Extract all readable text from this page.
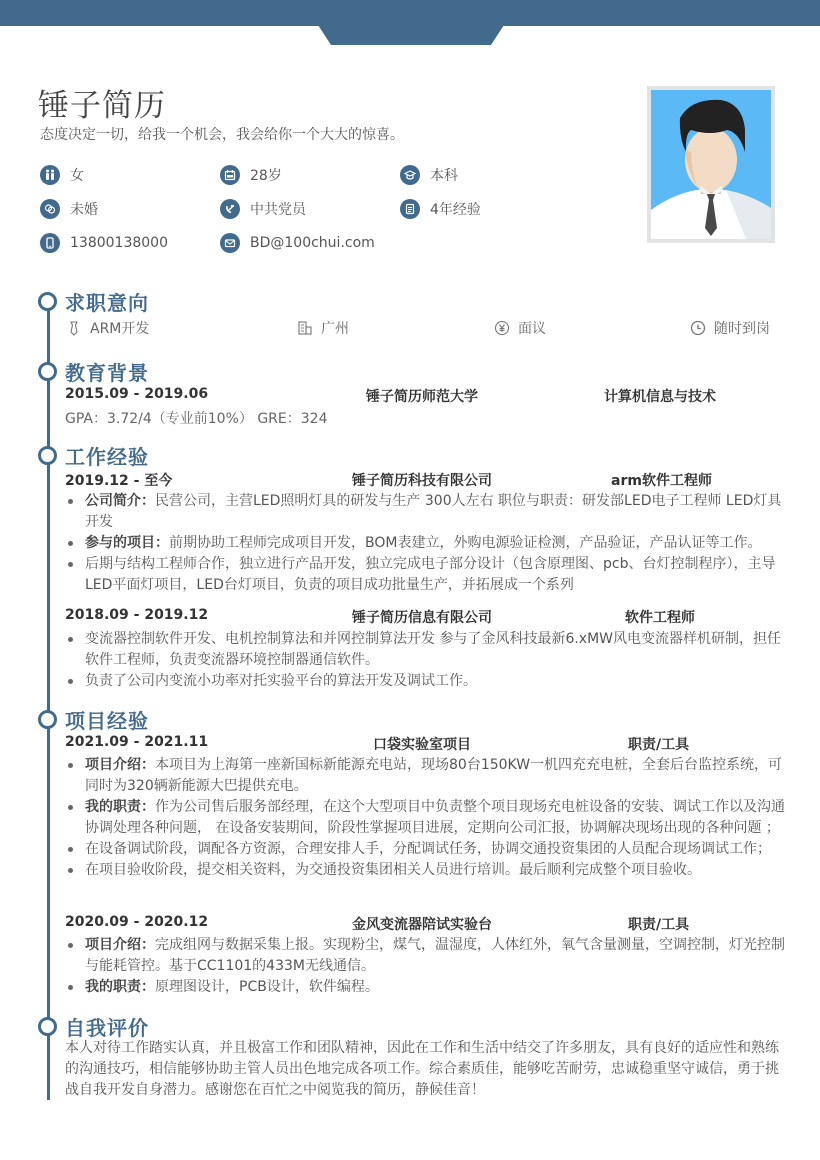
锤子简历
态度决定一切，给我一个机会，我会给你一个大大的惊喜。
女	28岁	本科
未婚	中共党员	4年经验
13800138000	BD@100chui.com
求职意向
ARM开发	广州	面议	随时到岗
教育背景
2015.09 - 2019.06	锤子简历师范大学	计算机信息与技术
GPA：3.72/4（专业前10%） GRE：324
工作经验
2019.12 - 至今	锤子简历科技有限公司	arm软件工程师
公司简介：民营公司，主营LED照明灯具的研发与生产 300人左右 职位与职责：研发部LED电子工程师 LED灯具开发
参与的项目：前期协助工程师完成项目开发，BOM表建立，外购电源验证检测，产品验证，产品认证等工作。
后期与结构工程师合作，独立进行产品开发，独立完成电子部分设计（包含原理图、pcb、台灯控制程序），主导LED平面灯项目，LED台灯项目，负责的项目成功批量生产，并拓展成一个系列
2018.09 - 2019.12	锤子简历信息有限公司	软件工程师
变流器控制软件开发、电机控制算法和并网控制算法开发 参与了金风科技最新6.xMW风电变流器样机研制，担任软件工程师，负责变流器环境控制器通信软件。
负责了公司内变流小功率对托实验平台的算法开发及调试工作。
项目经验
2021.09 - 2021.11	口袋实验室项目	职责/工具
项目介绍：本项目为上海第一座新国标新能源充电站，现场80台150KW一机四充充电桩，全套后台监控系统，可同时为320辆新能源大巴提供充电。
我的职责：作为公司售后服务部经理，在这个大型项目中负责整个项目现场充电桩设备的安装、调试工作以及沟通协调处理各种问题， 在设备安装期间，阶段性掌握项目进展，定期向公司汇报，协调解决现场出现的各种问题 ；
在设备调试阶段，调配各方资源，合理安排人手，分配调试任务，协调交通投资集团的人员配合现场调试工作；
在项目验收阶段，提交相关资料，为交通投资集团相关人员进行培训。最后顺利完成整个项目验收。
2020.09 - 2020.12	金风变流器陪试实验台	职责/工具
项目介绍：完成组网与数据采集上报。实现粉尘，煤气，温湿度，人体红外，氧气含量测量，空调控制，灯光控制与能耗管控。基于CC1101的433M无线通信。
我的职责：原理图设计，PCB设计，软件编程。
自我评价
本人对待工作踏实认真，并且极富工作和团队精神，因此在工作和生活中结交了许多朋友，具有良好的适应性和熟练的沟通技巧，相信能够协助主管人员出色地完成各项工作。综合素质佳，能够吃苦耐劳，忠诚稳重坚守诚信，勇于挑战自我开发自身潜力。感谢您在百忙之中阅览我的简历，静候佳音！
